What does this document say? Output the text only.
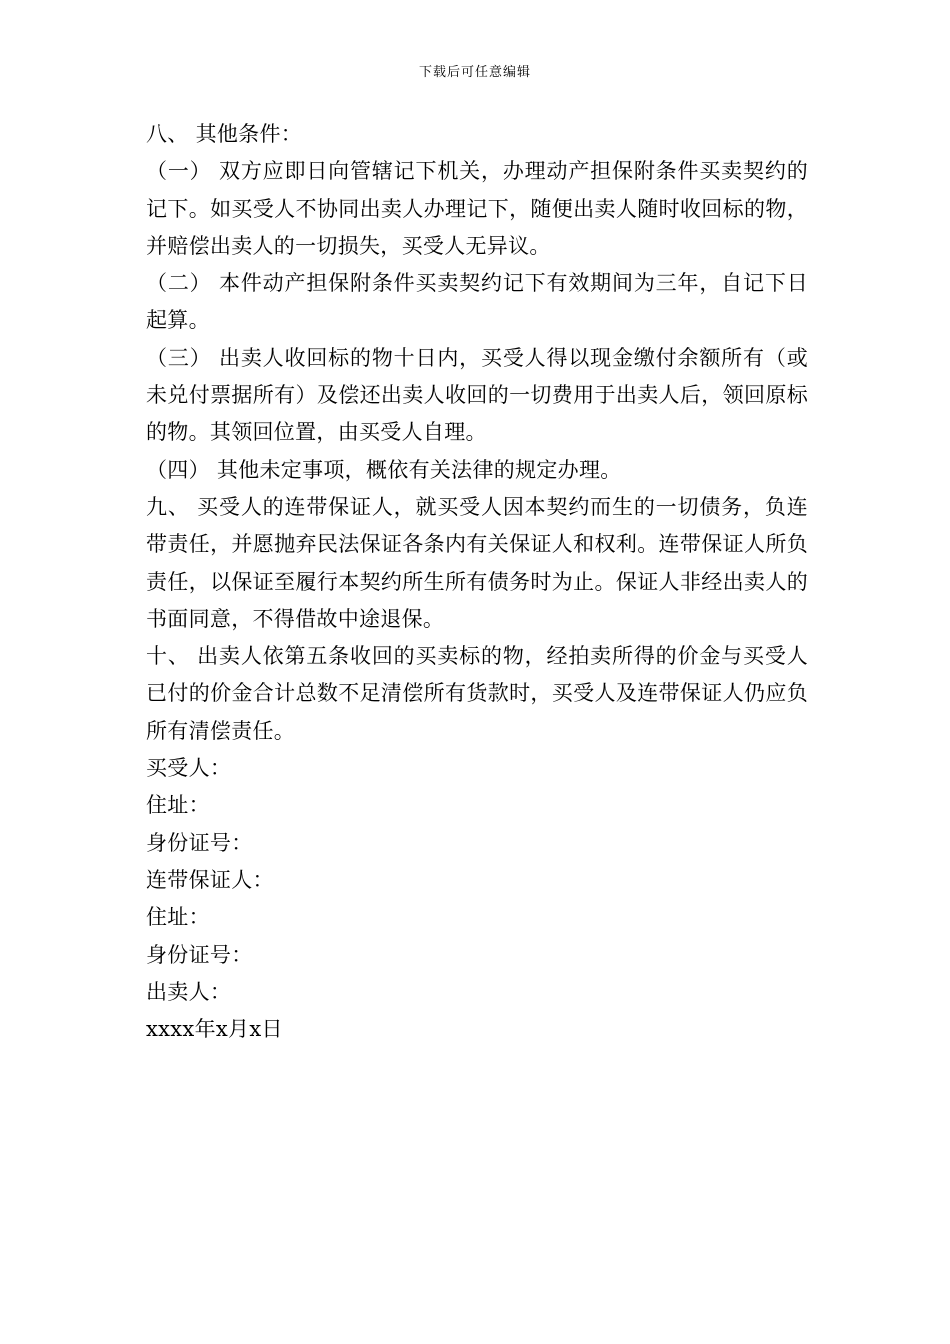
下载后可任意编辑

八、 其他条件：

（一） 双方应即日向管辖记下机关，办理动产担保附条件买卖契约的记下。如买受人不协同出卖人办理记下，随便出卖人随时收回标的物，并赔偿出卖人的一切损失，买受人无异议。

（二） 本件动产担保附条件买卖契约记下有效期间为三年，自记下日起算。

（三） 出卖人收回标的物十日内，买受人得以现金缴付余额所有（或未兑付票据所有）及偿还出卖人收回的一切费用于出卖人后，领回原标的物。其领回位置，由买受人自理。

（四） 其他未定事项，概依有关法律的规定办理。

九、 买受人的连带保证人，就买受人因本契约而生的一切债务，负连带责任，并愿抛弃民法保证各条内有关保证人和权利。连带保证人所负责任，以保证至履行本契约所生所有债务时为止。保证人非经出卖人的书面同意，不得借故中途退保。

十、 出卖人依第五条收回的买卖标的物，经拍卖所得的价金与买受人已付的价金合计总数不足清偿所有货款时，买受人及连带保证人仍应负所有清偿责任。

买受人：

住址：

身份证号：

连带保证人：

住址：

身份证号：

出卖人：

xxxx年x月x日
